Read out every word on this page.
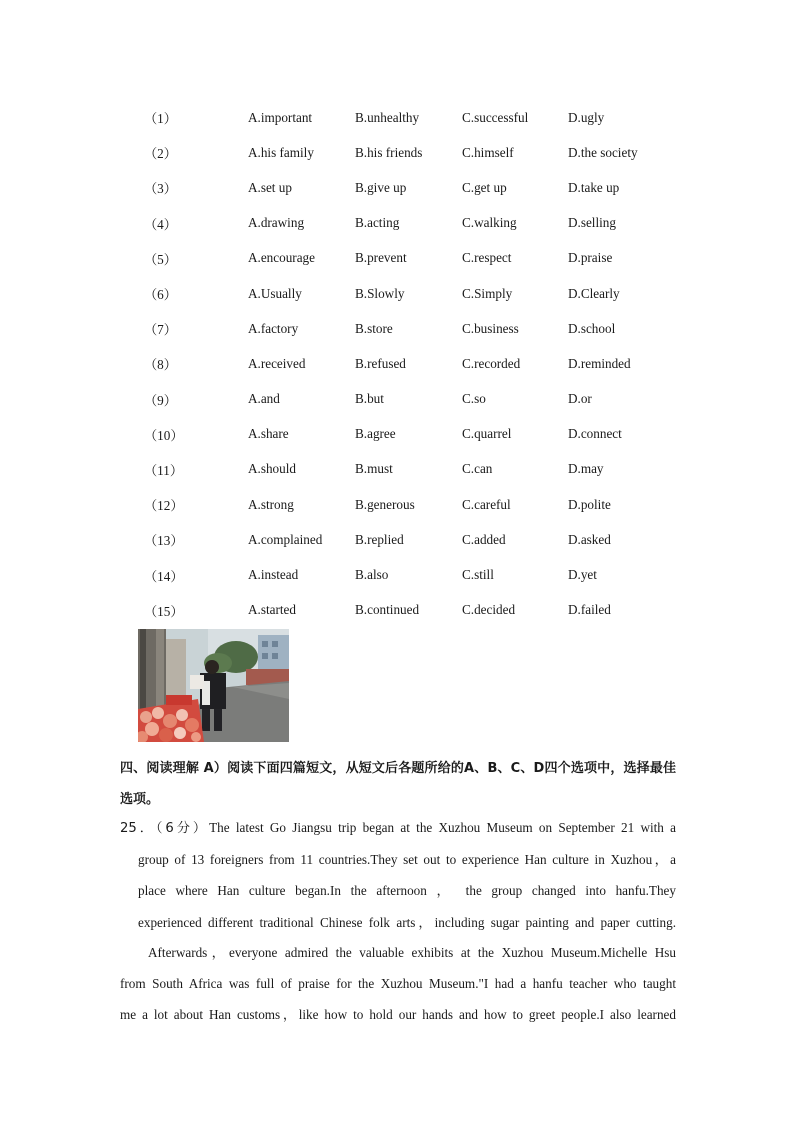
（1）	A.important	B.unhealthy	C.successful	D.ugly
（2）	A.his family	B.his friends	C.himself	D.the society
（3）	A.set up	B.give up	C.get up	D.take up
（4）	A.drawing	B.acting	C.walking	D.selling
（5）	A.encourage	B.prevent	C.respect	D.praise
（6）	A.Usually	B.Slowly	C.Simply	D.Clearly
（7）	A.factory	B.store	C.business	D.school
（8）	A.received	B.refused	C.recorded	D.reminded
（9）	A.and	B.but	C.so	D.or
（10）	A.share	B.agree	C.quarrel	D.connect
（11）	A.should	B.must	C.can	D.may
（12）	A.strong	B.generous	C.careful	D.polite
（13）	A.complained	B.replied	C.added	D.asked
（14）	A.instead	B.also	C.still	D.yet
（15）	A.started	B.continued	C.decided	D.failed
四、阅读理解 A）阅读下面四篇短文，从短文后各题所给的A、B、C、D四个选项中，选择最佳选项。
25．（6分）The latest Go Jiangsu trip began at the Xuzhou Museum on September 21 with a
group of 13 foreigners from 11 countries.They set out to experience Han culture in Xuzhou，a
place where Han culture began.In the afternoon ， the group changed into hanfu.They
experienced different traditional Chinese folk arts，including sugar painting and paper cutting.
Afterwards，everyone admired the valuable exhibits at the Xuzhou Museum.Michelle Hsu
from South Africa was full of praise for the Xuzhou Museum."I had a hanfu teacher who taught
me a lot about Han customs，like how to hold our hands and how to greet people.I also learned
